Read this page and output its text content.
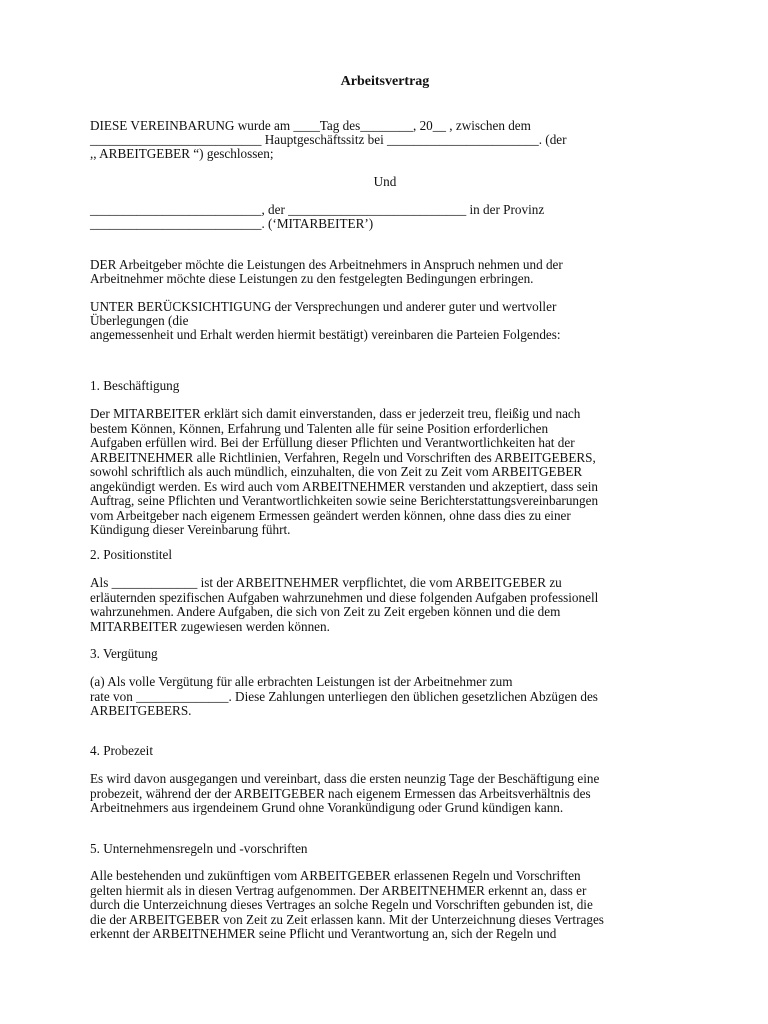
Arbeitsvertrag
DIESE VEREINBARUNG wurde am ____Tag des________, 20__ , zwischen dem
__________________________ Hauptgeschäftssitz bei _______________________. (der
,, ARBEITGEBER “) geschlossen;
Und
__________________________, der ___________________________ in der Provinz
__________________________. (‘MITARBEITER’)
DER Arbeitgeber möchte die Leistungen des Arbeitnehmers in Anspruch nehmen und der
Arbeitnehmer möchte diese Leistungen zu den festgelegten Bedingungen erbringen.
UNTER BERÜCKSICHTIGUNG der Versprechungen und anderer guter und wertvoller
Überlegungen (die
angemessenheit und Erhalt werden hiermit bestätigt) vereinbaren die Parteien Folgendes:
1. Beschäftigung
Der MITARBEITER erklärt sich damit einverstanden, dass er jederzeit treu, fleißig und nach
bestem Können, Können, Erfahrung und Talenten alle für seine Position erforderlichen
Aufgaben erfüllen wird. Bei der Erfüllung dieser Pflichten und Verantwortlichkeiten hat der
ARBEITNEHMER alle Richtlinien, Verfahren, Regeln und Vorschriften des ARBEITGEBERS,
sowohl schriftlich als auch mündlich, einzuhalten, die von Zeit zu Zeit vom ARBEITGEBER
angekündigt werden. Es wird auch vom ARBEITNEHMER verstanden und akzeptiert, dass sein
Auftrag, seine Pflichten und Verantwortlichkeiten sowie seine Berichterstattungsvereinbarungen
vom Arbeitgeber nach eigenem Ermessen geändert werden können, ohne dass dies zu einer
Kündigung dieser Vereinbarung führt.
2. Positionstitel
Als _____________ ist der ARBEITNEHMER verpflichtet, die vom ARBEITGEBER zu
erläuternden spezifischen Aufgaben wahrzunehmen und diese folgenden Aufgaben professionell
wahrzunehmen. Andere Aufgaben, die sich von Zeit zu Zeit ergeben können und die dem
MITARBEITER zugewiesen werden können.
3. Vergütung
(a) Als volle Vergütung für alle erbrachten Leistungen ist der Arbeitnehmer zum
rate von ______________. Diese Zahlungen unterliegen den üblichen gesetzlichen Abzügen des
ARBEITGEBERS.
4. Probezeit
Es wird davon ausgegangen und vereinbart, dass die ersten neunzig Tage der Beschäftigung eine
probezeit, während der der ARBEITGEBER nach eigenem Ermessen das Arbeitsverhältnis des
Arbeitnehmers aus irgendeinem Grund ohne Vorankündigung oder Grund kündigen kann.
5. Unternehmensregeln und -vorschriften
Alle bestehenden und zukünftigen vom ARBEITGEBER erlassenen Regeln und Vorschriften
gelten hiermit als in diesen Vertrag aufgenommen. Der ARBEITNEHMER erkennt an, dass er
durch die Unterzeichnung dieses Vertrages an solche Regeln und Vorschriften gebunden ist, die
die der ARBEITGEBER von Zeit zu Zeit erlassen kann. Mit der Unterzeichnung dieses Vertrages
erkennt der ARBEITNEHMER seine Pflicht und Verantwortung an, sich der Regeln und
